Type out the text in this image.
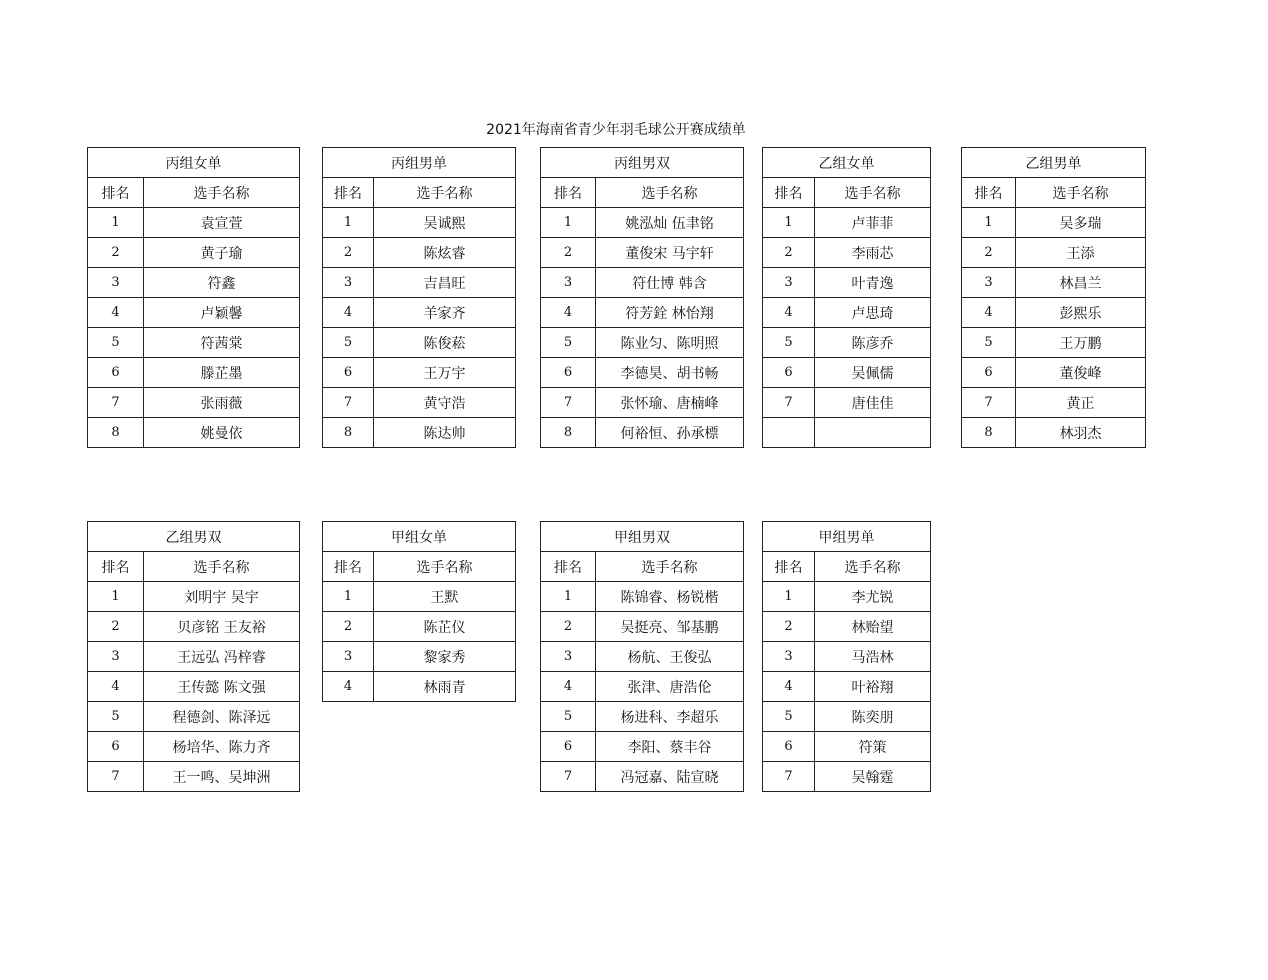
2021年海南省青少年羽毛球公开赛成绩单
丙组女单	
排名	选手名称
1	袁宣萱
2	黄子瑜
3	符鑫
4	卢颖馨
5	符茜棠
6	滕芷墨
7	张雨薇
8	姚曼依
丙组男单	
排名	选手名称
1	吴诚熙
2	陈炫睿
3	吉昌旺
4	羊家齐
5	陈俊菘
6	王万宇
7	黄守浩
8	陈达帅
丙组男双	
排名	选手名称
1	姚泓灿 伍聿铭
2	董俊宋 马宇轩
3	符仕博 韩含
4	符芳銓 林怡翔
5	陈业匀、陈明照
6	李德昊、胡书畅
7	张怀瑜、唐楠峰
8	何裕恒、孙承標
乙组女单	
排名	选手名称
1	卢菲菲
2	李雨芯
3	叶青逸
4	卢思琦
5	陈彦乔
6	吴佩儒
7	唐佳佳

乙组男单	
排名	选手名称
1	吴多瑞
2	王添
3	林昌兰
4	彭熙乐
5	王万鹏
6	董俊峰
7	黄正
8	林羽杰
乙组男双	
排名	选手名称
1	刘明宇 吴宇
2	贝彦铭 王友裕
3	王远弘 冯梓睿
4	王传懿 陈文强
5	程德剑、陈泽远
6	杨培华、陈力齐
7	王一鸣、吴坤洲
甲组女单	
排名	选手名称
1	王默
2	陈芷仪
3	黎家秀
4	林雨青
甲组男双	
排名	选手名称
1	陈锦睿、杨锐楷
2	吴挺亮、邹基鹏
3	杨航、王俊弘
4	张津、唐浩伦
5	杨进科、李超乐
6	李阳、蔡丰谷
7	冯冠嘉、陆宣晓
甲组男单	
排名	选手名称
1	李尤锐
2	林贻望
3	马浩林
4	叶裕翔
5	陈奕朋
6	符策
7	吴翰霆
